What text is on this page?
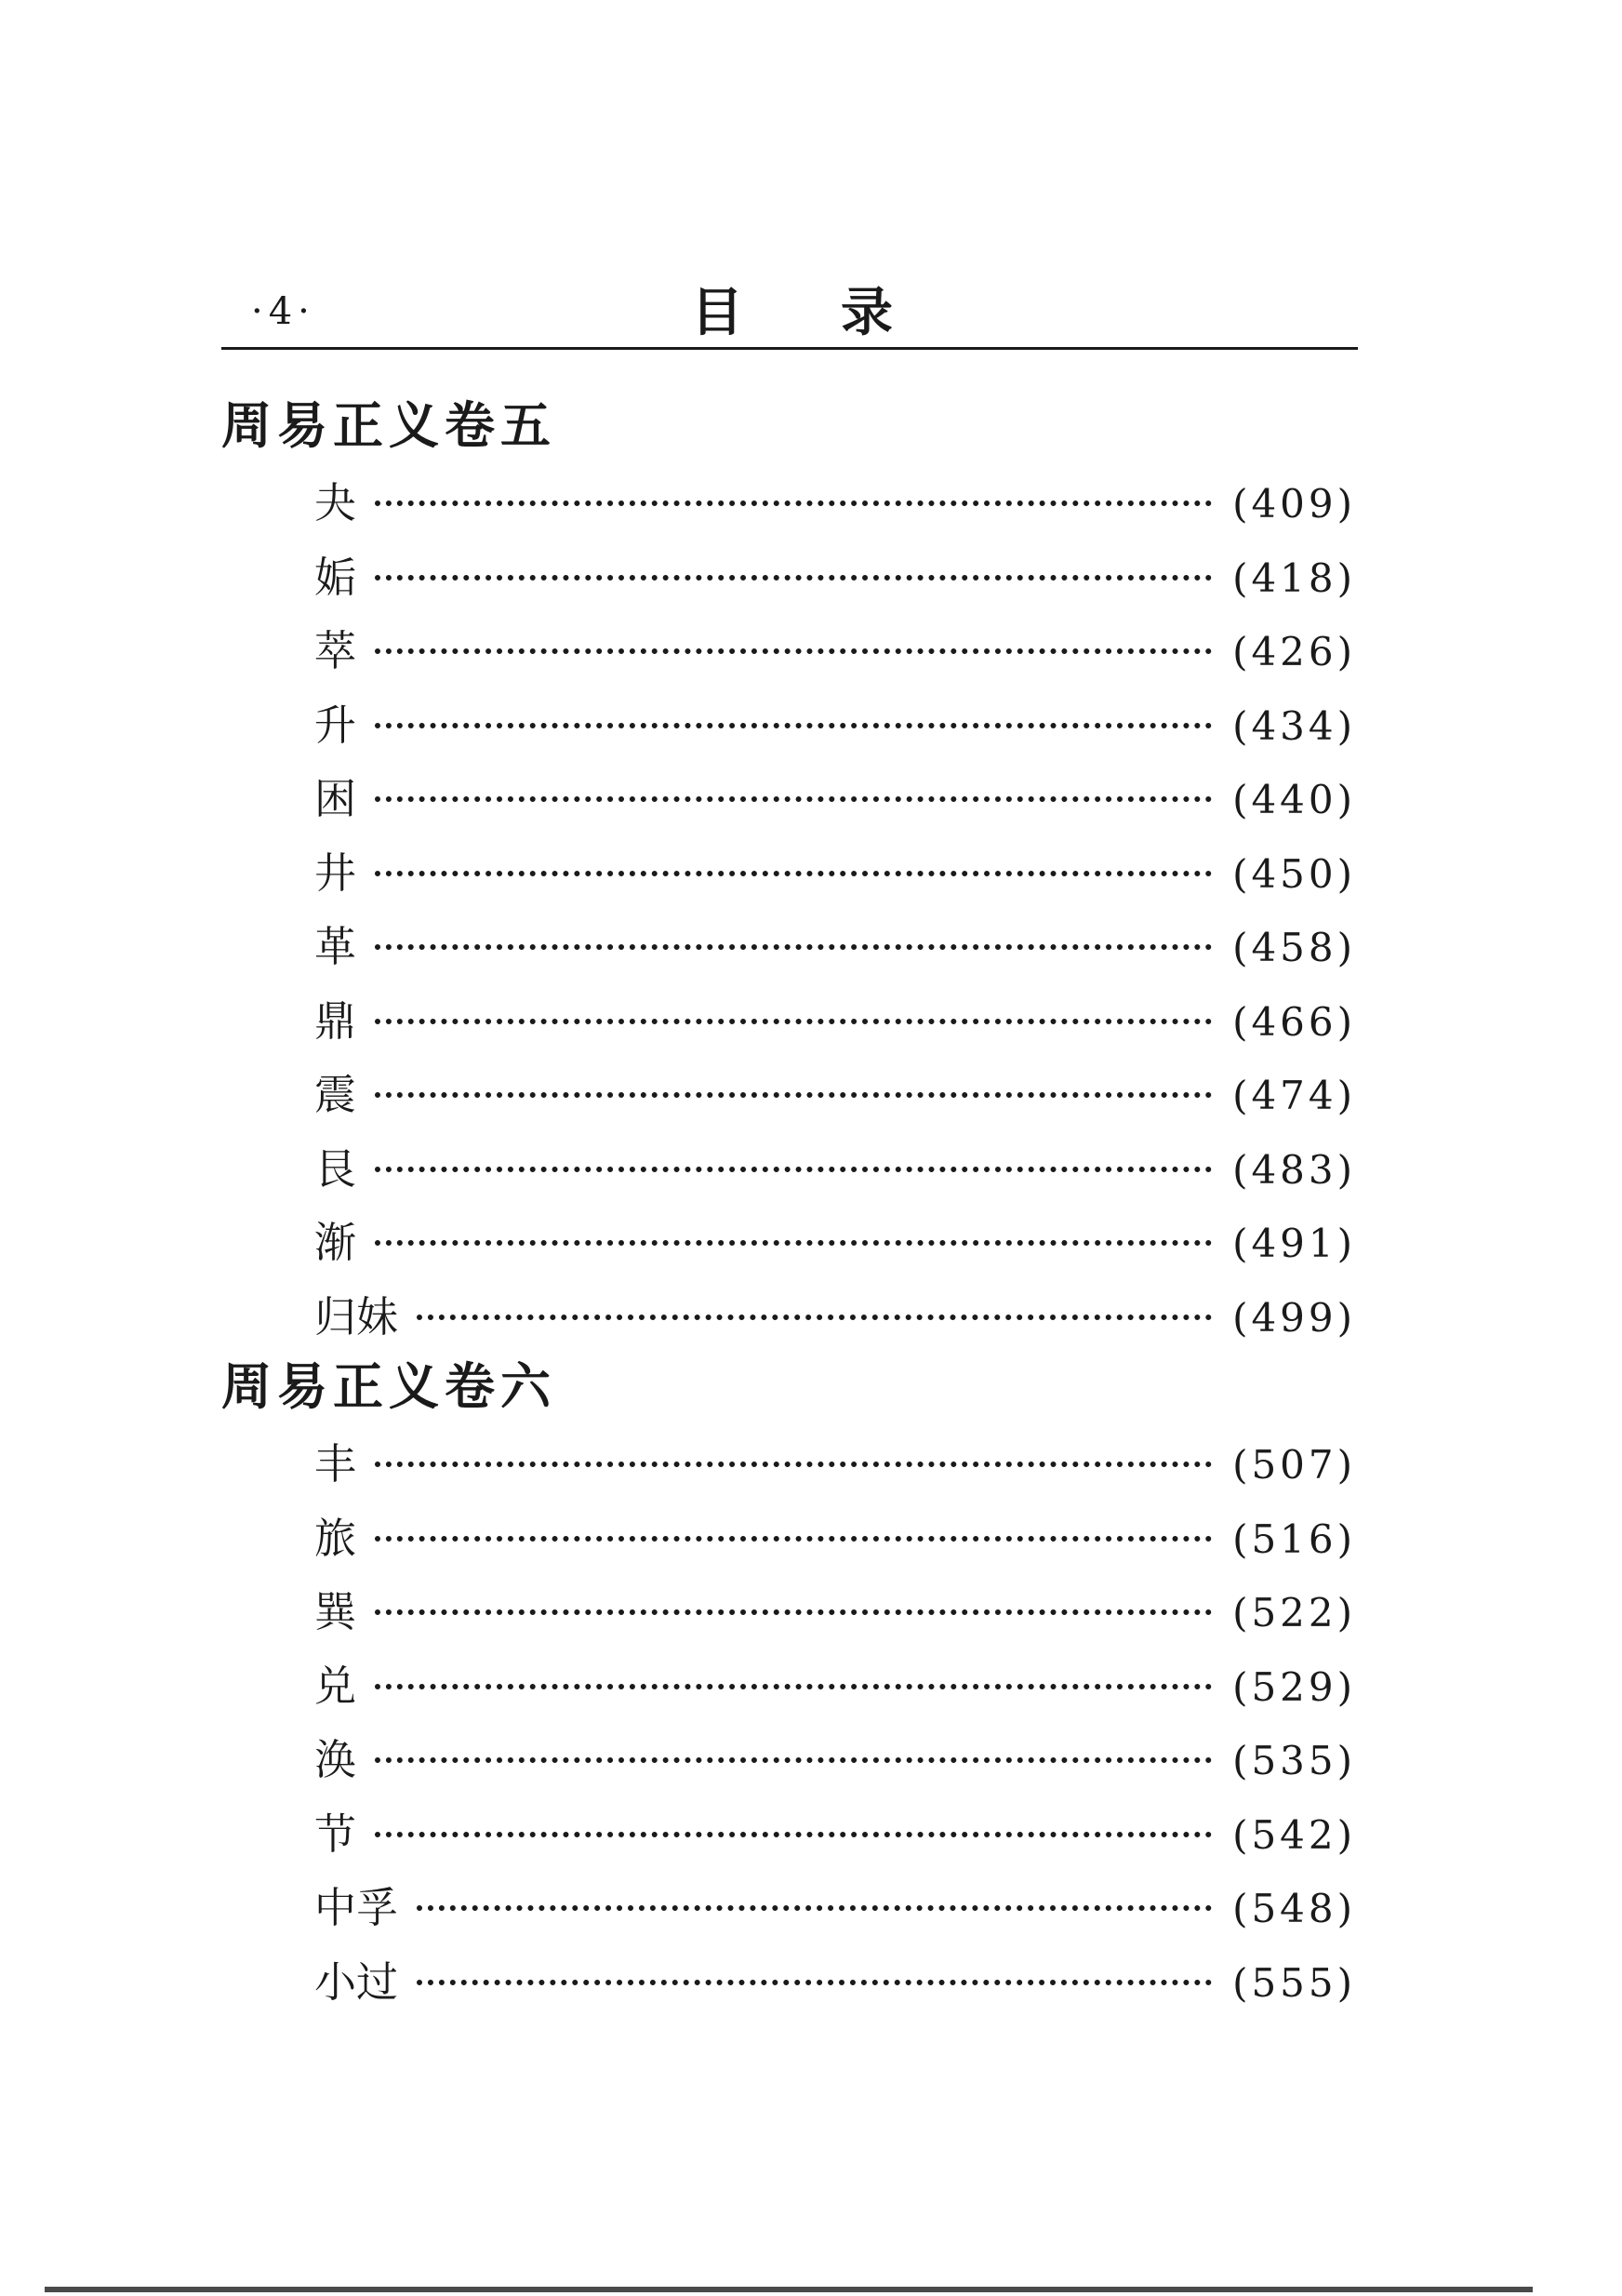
·4·	目录
周易正义卷五
夬	(409)
姤	(418)
萃	(426)
升	(434)
困	(440)
井	(450)
革	(458)
鼎	(466)
震	(474)
艮	(483)
渐	(491)
归妹	(499)
周易正义卷六
丰	(507)
旅	(516)
巽	(522)
兑	(529)
涣	(535)
节	(542)
中孚	(548)
小过	(555)
